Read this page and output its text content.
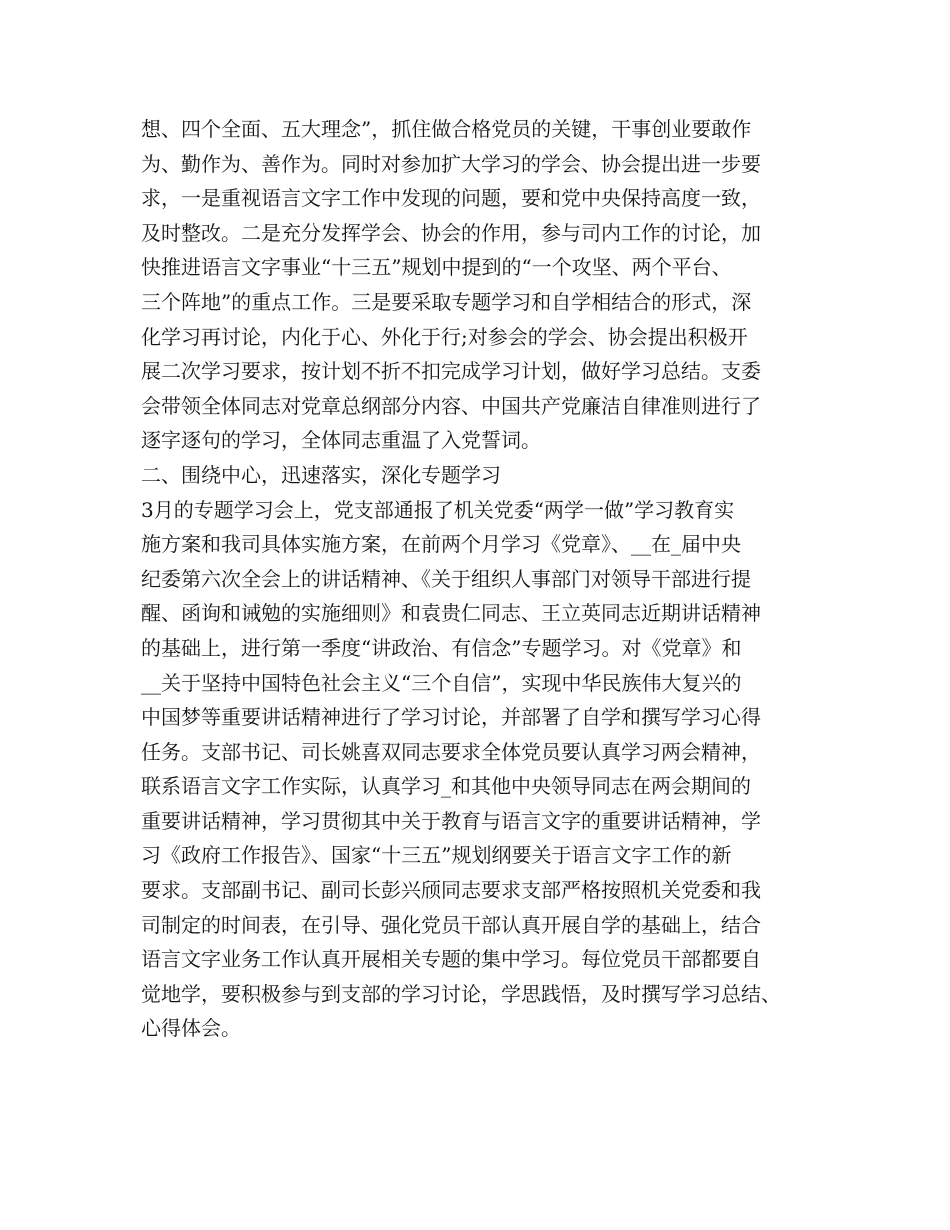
想、四个全面、五大理念”，抓住做合格党员的关键，干事创业要敢作
为、勤作为、善作为。同时对参加扩大学习的学会、协会提出进一步要
求，一是重视语言文字工作中发现的问题，要和党中央保持高度一致，
及时整改。二是充分发挥学会、协会的作用，参与司内工作的讨论，加
快推进语言文字事业“十三五”规划中提到的“一个攻坚、两个平台、
三个阵地”的重点工作。三是要采取专题学习和自学相结合的形式，深
化学习再讨论，内化于心、外化于行;对参会的学会、协会提出积极开
展二次学习要求，按计划不折不扣完成学习计划，做好学习总结。支委
会带领全体同志对党章总纲部分内容、中国共产党廉洁自律准则进行了
逐字逐句的学习，全体同志重温了入党誓词。
二、围绕中心，迅速落实，深化专题学习
3月的专题学习会上，党支部通报了机关党委“两学一做”学习教育实
施方案和我司具体实施方案，在前两个月学习《党章》、__在_届中央
纪委第六次全会上的讲话精神、《关于组织人事部门对领导干部进行提
醒、函询和诫勉的实施细则》和袁贵仁同志、王立英同志近期讲话精神
的基础上，进行第一季度“讲政治、有信念”专题学习。对《党章》和
__关于坚持中国特色社会主义“三个自信”，实现中华民族伟大复兴的
中国梦等重要讲话精神进行了学习讨论，并部署了自学和撰写学习心得
任务。支部书记、司长姚喜双同志要求全体党员要认真学习两会精神，
联系语言文字工作实际，认真学习_和其他中央领导同志在两会期间的
重要讲话精神，学习贯彻其中关于教育与语言文字的重要讲话精神，学
习《政府工作报告》、国家“十三五”规划纲要关于语言文字工作的新
要求。支部副书记、副司长彭兴颀同志要求支部严格按照机关党委和我
司制定的时间表，在引导、强化党员干部认真开展自学的基础上，结合
语言文字业务工作认真开展相关专题的集中学习。每位党员干部都要自
觉地学，要积极参与到支部的学习讨论，学思践悟，及时撰写学习总结、
心得体会。
